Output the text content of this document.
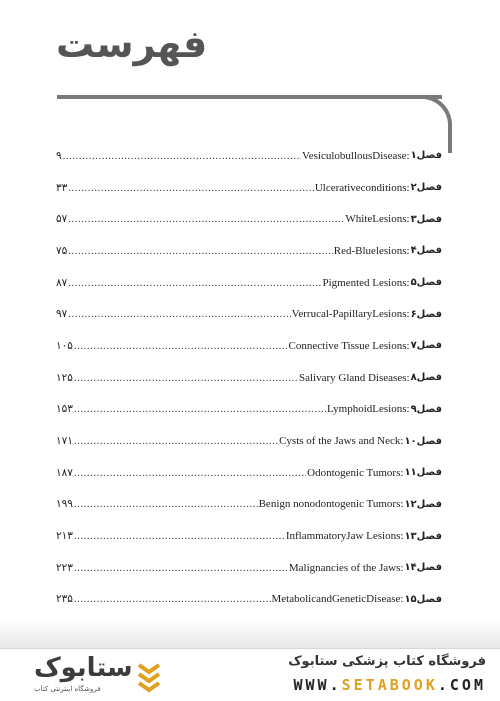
فهرست
۹ .....	VesiculobullousDisease : فصل۱
۳۳ .....	Ulcerativeconditions : فصل۲
۵۷ .....	WhiteLesions : فصل۳
۷۵ .....	Red-Bluelesions : فصل۴
۸۷ .....	Pigmented Lesions : فصل۵
۹۷ .....	Verrucal-PapillaryLesions : فصل۶
۱۰۵ .....	Connective Tissue Lesions : فصل۷
۱۲۵ .....	Salivary Gland Diseases : فصل۸
۱۵۳ .....	LymphoidLesions : فصل۹
۱۷۱ .....	Cysts of the Jaws and Neck : فصل۱۰
۱۸۷ .....	Odontogenic Tumors : فصل۱۱
۱۹۹ .....	Benign nonodontogenic Tumors : فصل۱۲
۲۱۳ .....	InflammatoryJaw Lesions : فصل۱۳
۲۲۳ .....	Malignancies of the Jaws : فصل۱۴
۲۳۵ .....	MetabolicandGeneticDisease : فصل۱۵
.....
ستابوک
فروشگاه اینترنتی کتاب
فروشگاه کتاب پزشکی ستابوک
WWW.SETABOOK.COM
